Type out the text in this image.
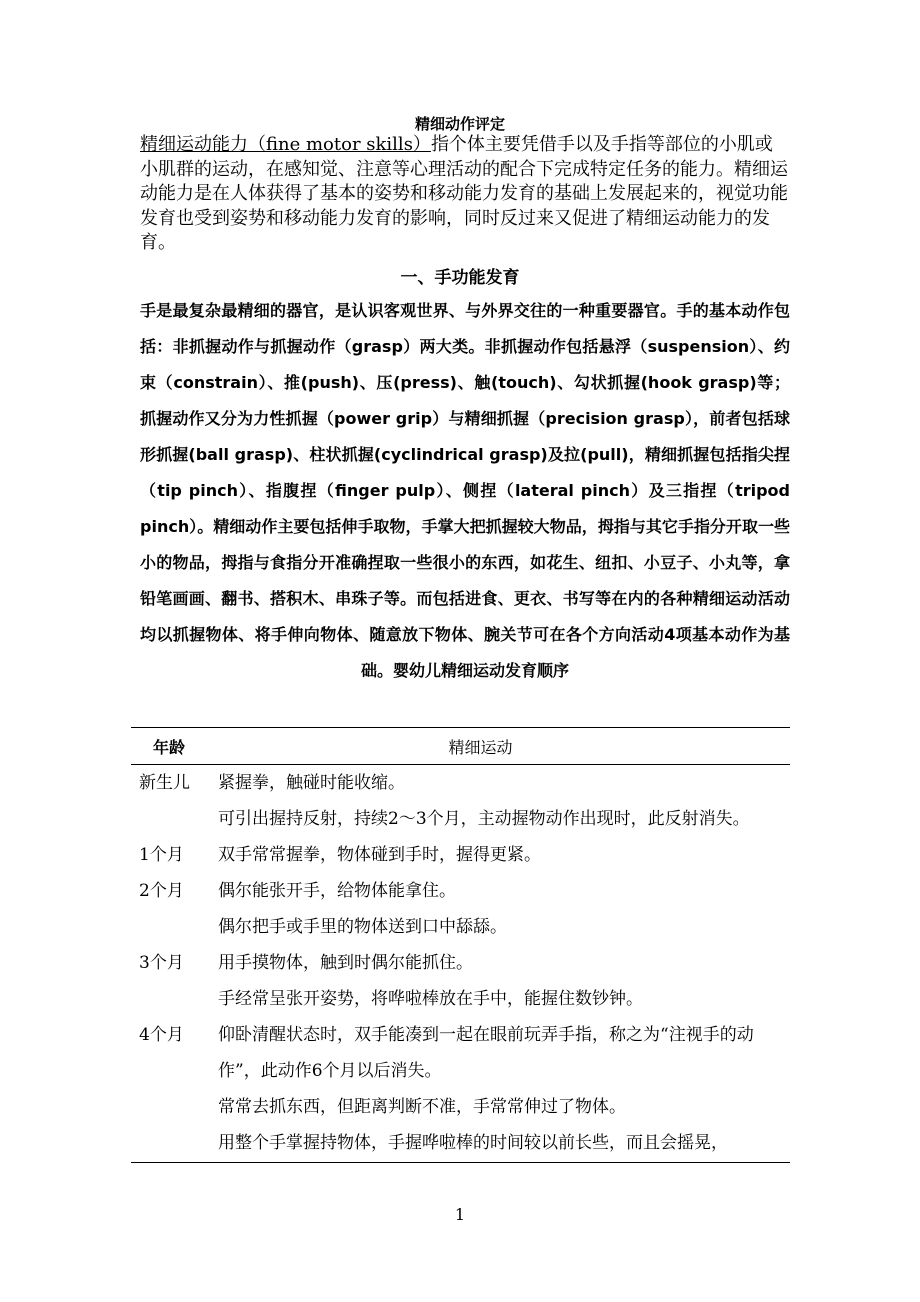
精细动作评定

精细运动能力（fine motor skills）指个体主要凭借手以及手指等部位的小肌或小肌群的运动，在感知觉、注意等心理活动的配合下完成特定任务的能力。精细运动能力是在人体获得了基本的姿势和移动能力发育的基础上发展起来的，视觉功能发育也受到姿势和移动能力发育的影响，同时反过来又促进了精细运动能力的发育。

一、手功能发育

手是最复杂最精细的器官，是认识客观世界、与外界交往的一种重要器官。手的基本动作包括：非抓握动作与抓握动作（grasp）两大类。非抓握动作包括悬浮（suspension）、约束（constrain）、推(push)、压(press)、触(touch)、勾状抓握(hook grasp)等；抓握动作又分为力性抓握（power grip）与精细抓握（precision grasp），前者包括球形抓握(ball grasp)、柱状抓握(cyclindrical grasp)及拉(pull)，精细抓握包括指尖捏（tip pinch）、指腹捏（finger pulp）、侧捏（lateral pinch）及三指捏（tripod pinch）。精细动作主要包括伸手取物，手掌大把抓握较大物品，拇指与其它手指分开取一些小的物品，拇指与食指分开准确捏取一些很小的东西，如花生、纽扣、小豆子、小丸等，拿铅笔画画、翻书、搭积木、串珠子等。而包括进食、更衣、书写等在内的各种精细运动活动均以抓握物体、将手伸向物体、随意放下物体、腕关节可在各个方向活动4项基本动作为基础。婴幼儿精细运动发育顺序

年龄	精细运动
新生儿	紧握拳，触碰时能收缩。
可引出握持反射，持续2～3个月，主动握物动作出现时，此反射消失。
1个月	双手常常握拳，物体碰到手时，握得更紧。
2个月	偶尔能张开手，给物体能拿住。
偶尔把手或手里的物体送到口中舔舔。
3个月	用手摸物体，触到时偶尔能抓住。
手经常呈张开姿势，将哗啦棒放在手中，能握住数钞钟。
4个月	仰卧清醒状态时，双手能凑到一起在眼前玩弄手指，称之为“注视手的动作”，此动作6个月以后消失。
常常去抓东西，但距离判断不准，手常常伸过了物体。
用整个手掌握持物体，手握哗啦棒的时间较以前长些，而且会摇晃，
1
